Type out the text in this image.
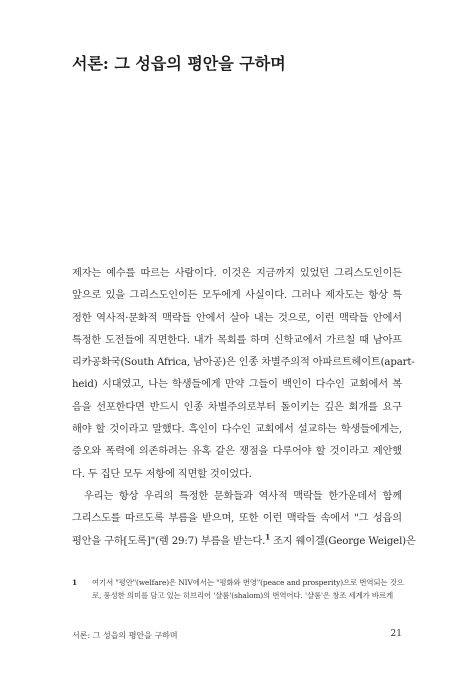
서론: 그 성읍의 평안을 구하며
제자는 예수를 따르는 사람이다. 이것은 지금까지 있었던 그리스도인이든
앞으로 있을 그리스도인이든 모두에게 사실이다. 그러나 제자도는 항상 특
정한 역사적·문화적 맥락들 안에서 살아 내는 것으로, 이런 맥락들 안에서
특정한 도전들에 직면한다. 내가 목회를 하며 신학교에서 가르칠 때 남아프
리카공화국(South Africa, 남아공)은 인종 차별주의적 아파르트헤이트(apart-
heid) 시대였고, 나는 학생들에게 만약 그들이 백인이 다수인 교회에서 복
음을 선포한다면 반드시 인종 차별주의로부터 돌이키는 깊은 회개를 요구
해야 할 것이라고 말했다. 흑인이 다수인 교회에서 설교하는 학생들에게는,
증오와 폭력에 의존하려는 유혹 같은 쟁점을 다루어야 할 것이라고 제안했
다. 두 집단 모두 저항에 직면할 것이었다.
우리는 항상 우리의 특정한 문화들과 역사적 맥락들 한가운데서 함께
그리스도를 따르도록 부름을 받으며, 또한 이런 맥락들 속에서 "그 성읍의
평안을 구하[도록]"(렘 29:7) 부름을 받는다.$^1$ 조지 웨이겔(George Weigel)은
1 여기서 "평안"(welfare)은 NIV에서는 "평화와 번영"(peace and prosperity)으로 번역되는 것으
로, 풍성한 의미를 담고 있는 히브리어 '샬롬'(shalom)의 번역어다. '샬롬'은 창조 세계가 바르게
서론: 그 성읍의 평안을 구하며	21
